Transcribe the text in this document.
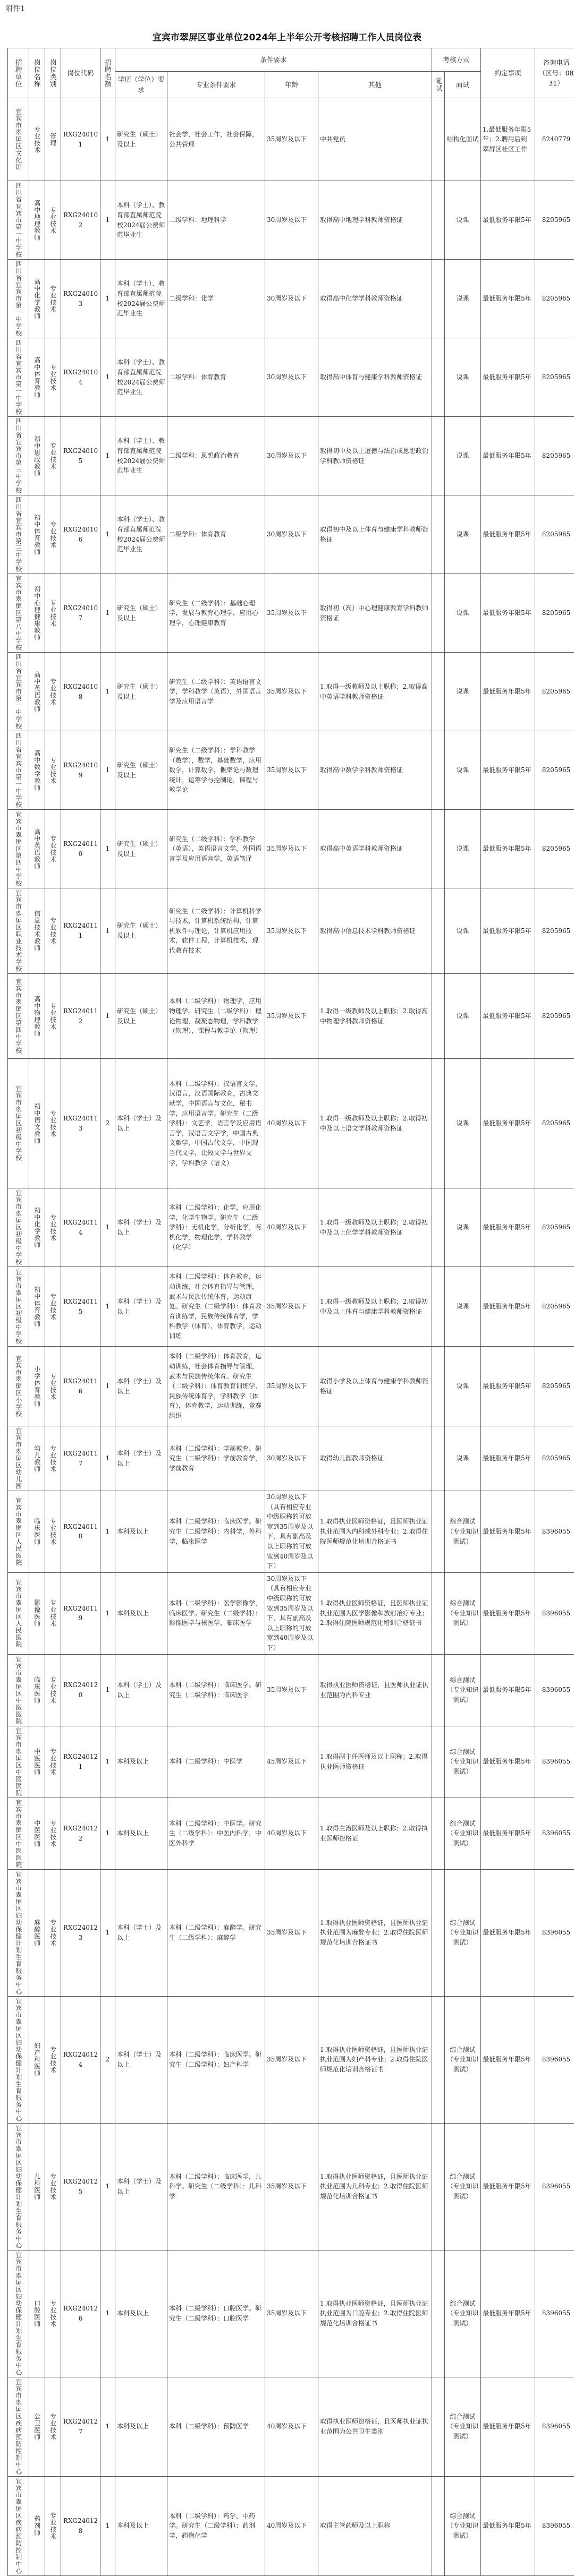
附件1
宜宾市翠屏区事业单位2024年上半年公开考核招聘工作人员岗位表
招聘单位	岗位名称	岗位类别	岗位代码	招聘名额	条件要求				考核方式		约定事项	咨询电话（区号：0831）
					学历（学位）要求	专业条件要求	年龄	其他	笔试	面试		

宜宾市翠屏区文化馆	专业技术	管理	RXG240101	1	研究生（硕士）及以上	社会学，社会工作，社会保障，公共管理	35周岁及以下	中共党员		结构化面试	1.最低服务年限5年；2.聘用后到翠屏区社区工作	8240779

四川省宜宾市第一中学校	高中地理教师	专业技术	RXG240102	1	本科（学士）、教育部直属师范院校2024届公费师范毕业生	二级学科：地理科学	30周岁及以下	取得高中地理学科教师资格证		说课	最低服务年限5年	8205965

四川省宜宾市第一中学校	高中化学教师	专业技术	RXG240103	1	本科（学士）、教育部直属师范院校2024届公费师范毕业生	二级学科：化学	30周岁及以下	取得高中化学学科教师资格证		说课	最低服务年限5年	8205965

四川省宜宾市第一中学校	高中体育教师	专业技术	RXG240104	1	本科（学士）、教育部直属师范院校2024届公费师范毕业生	二级学科：体育教育	30周岁及以下	取得高中体育与健康学科教师资格证		说课	最低服务年限5年	8205965

四川省宜宾市第三中学校	初中思政教师	专业技术	RXG240105	1	本科（学士）、教育部直属师范院校2024届公费师范毕业生	二级学科：思想政治教育	30周岁及以下	取得初中及以上道德与法治或思想政治学科教师资格证		说课	最低服务年限5年	8205965

四川省宜宾市第三中学校	初中体育教师	专业技术	RXG240106	1	本科（学士）、教育部直属师范院校2024届公费师范毕业生	二级学科：体育教育	30周岁及以下	取得初中及以上体育与健康学科教师资格证		说课	最低服务年限5年	8205965

宜宾市翠屏区第八中学校	初中心理健康教师	专业技术	RXG240107	1	研究生（硕士）及以上	研究生（二级学科）：基础心理学，发展与教育心理学，应用心理学，心理健康教育	35周岁及以下	取得初（高）中心理健康教育学科教师资格证		说课	最低服务年限5年	8205965

四川省宜宾市第一中学校	高中英语教师	专业技术	RXG240108	1	研究生（硕士）及以上	研究生（二级学科）：英语语言文学，学科教学（英语），外国语言学及应用语言学	35周岁及以下	1.取得一级教师及以上职称；2.取得高中英语学科教师资格证		说课	最低服务年限5年	8205965

四川省宜宾市第一中学校	高中数学教师	专业技术	RXG240109	1	研究生（硕士）及以上	研究生（二级学科）：学科教学（数学），数学，基础数学，应用数学，计算数学，概率论与数理统计，运筹学与控制论，课程与教学论	35周岁及以下	取得高中数学学科教师资格证		说课	最低服务年限5年	8205965

宜宾市翠屏区第四中学校	高中英语教师	专业技术	RXG240110	1	研究生（硕士）及以上	研究生（二级学科）：学科教学（英语），英语语言文学，外国语言学及应用语言学，英语笔译	35周岁及以下	取得高中英语学科教师资格证		说课	最低服务年限5年	8205965

宜宾市翠屏区职业技术学校	信息技术教师	专业技术	RXG240111	1	研究生（硕士）及以上	研究生（二级学科）：计算机科学与技术，计算机系统结构，计算机软件与理论，计算机应用技术，软件工程，计算机技术，现代教育技术	35周岁及以下	取得高中信息技术学科教师资格证		说课	最低服务年限5年	8205965

宜宾市翠屏区第四中学校	高中物理教师	专业技术	RXG240112	1	研究生（硕士）及以上	本科（二级学科）：物理学，应用物理学。研究生（二级学科）：理论物理，凝聚态物理，学科教学（物理），课程与教学论（物理）	35周岁及以下	1.取得一级教师及以上职称；2.取得高中物理学科教师资格证		说课	最低服务年限5年	8205965

宜宾市翠屏区初级中学校	初中语文教师	专业技术	RXG240113	2	本科（学士）及以上	本科（二级学科）：汉语言文学，汉语言，汉语国际教育，古典文献学，中国语言与文化，秘书学，应用语言学。研究生（二级学科）：文艺学，语言学及应用语言学，汉语言文字学，中国古典文献学，中国古代文学，中国现当代文学，比较文学与世界文学，学科教学（语文）	40周岁及以下	1.取得一级教师及以上职称；2.取得初中及以上语文学科教师资格证		说课	最低服务年限5年	8205965

宜宾市翠屏区初级中学校	初中化学教师	专业技术	RXG240114	1	本科（学士）及以上	本科（二级学科）：化学，应用化学，化学生物学。研究生（二级学科）：无机化学，分析化学，有机化学，物理化学，学科教学（化学）	40周岁及以下	1.取得一级教师及以上职称；2.取得初中及以上化学学科教师资格证		说课	最低服务年限5年	8205965

宜宾市翠屏区初级中学校	初中体育教师	专业技术	RXG240115	1	本科（学士）及以上	本科（二级学科）：体育教育，运动训练，社会体育指导与管理，武术与民族传统体育，运动康复。研究生（二级学科）：体育教育训练学，民族传统体育学，学科教学（体育），体育教学，运动训练	35周岁及以下	1.取得一级教师及以上职称；2.取得初中及以上体育与健康学科教师资格证		说课	最低服务年限5年	8205965

宜宾市翠屏区小学校	小学体育教师	专业技术	RXG240116	1	本科（学士）及以上	本科（二级学科）：体育教育，运动训练，社会体育指导与管理，武术与民族传统体育。研究生（二级学科）：体育教育训练学，民族传统体育学，学科教学（体育），体育教学，运动训练，竞赛组织	35周岁及以下	取得小学及以上体育与健康学科教师资格证		说课	最低服务年限5年	8205965

宜宾市翠屏区幼儿园	幼儿教师	专业技术	RXG240117	1	本科（学士）及以上	本科（二级学科）：学前教育。研究生（二级学科）：学前教育学，学前教育	30周岁及以下	取得幼儿园教师资格证		说课	最低服务年限5年	8205965

宜宾市翠屏区人民医院	临床医师	专业技术	RXG240118	1	本科及以上	本科（二级学科）：临床医学。研究生（二级学科）：内科学，外科学，临床医学	30周岁及以下（具有相应专业中级职称的可放宽到35周岁及以下，具有副高及以上职称的可放宽到40周岁及以下）	1.取得执业医师资格证，且医师执业证执业范围为内科或外科专业；2.取得住院医师规范化培训合格证书		综合测试（专业知识测试）	最低服务年限5年	8396055

宜宾市翠屏区人民医院	影像医师	专业技术	RXG240119	1	本科及以上	本科（二级学科）：医学影像学，临床医学。研究生（二级学科）：影像医学与核医学，临床医学	30周岁及以下（具有相应专业中级职称的可放宽到35周岁及以下，具有副高及以上职称的可放宽到40周岁及以下）	1.取得执业医师资格证，且医师执业证执业范围为医学影像和放射治疗专业；2.取得住院医师规范化培训合格证书		综合测试（专业知识测试）	最低服务年限5年	8396055

宜宾市翠屏区中医医院	临床医师	专业技术	RXG240120	1	本科（学士）及以上	本科（二级学科）：临床医学。研究生（二级学科）：临床医学	35周岁及以下	取得执业医师资格证，且医师执业证执业范围为内科专业		综合测试（专业知识测试）	最低服务年限5年	8396055

宜宾市翠屏区中医医院	中医医师	专业技术	RXG240121	1	本科及以上	本科（二级学科）：中医学	45周岁及以下	1.取得副主任医师及以上职称；2.取得执业医师资格证		综合测试（专业知识测试）	最低服务年限5年	8396055

宜宾市翠屏区中医医院	中医医师	专业技术	RXG240122	1	本科及以上	本科（二级学科）：中医学。研究生（二级学科）：中医内科学，中医外科学	40周岁及以下	1.取得主治医师及以上职称；2.取得执业医师资格证		综合测试（专业知识测试）	最低服务年限5年	8396055

宜宾市翠屏区妇幼保健计划生育服务中心	麻醉医师	专业技术	RXG240123	1	本科（学士）及以上	本科（二级学科）：麻醉学。研究生（二级学科）：麻醉学	35周岁及以下	1.取得执业医师资格证，且医师执业证执业范围为麻醉专业；2.取得住院医师规范化培训合格证书		综合测试（专业知识测试）	最低服务年限5年	8396055

宜宾市翠屏区妇幼保健计划生育服务中心	妇产科医师	专业技术	RXG240124	2	本科（学士）及以上	本科（二级学科）：临床医学。研究生（二级学科）：妇产科学	35周岁及以下	1.取得执业医师资格证，且医师执业证执业范围为妇产科专业；2.取得住院医师规范化培训合格证书		综合测试（专业知识测试）	最低服务年限5年	8396055

宜宾市翠屏区妇幼保健计划生育服务中心	儿科医师	专业技术	RXG240125	1	本科（学士）及以上	本科（二级学科）：临床医学，儿科学。研究生（二级学科）：儿科学	35周岁及以下	1.取得执业医师资格证，且医师执业证执业范围为儿科专业；2.取得住院医师规范化培训合格证书		综合测试（专业知识测试）	最低服务年限5年	8396055

宜宾市翠屏区妇幼保健计划生育服务中心	口腔医师	专业技术	RXG240126	1	本科及以上	本科（二级学科）：口腔医学。研究生（二级学科）：口腔医学	35周岁及以下	1.取得执业医师资格证，且医师执业证执业范围为口腔专业；2.取得住院医师规范化培训合格证书		综合测试（专业知识测试）	最低服务年限5年	8396055

宜宾市翠屏区疾病预防控制中心	公卫医师	专业技术	RXG240127	1	本科及以上	本科（二级学科）：预防医学	40周岁及以下	取得执业医师资格证，且医师执业证执业范围为公共卫生类别		综合测试（专业知识测试）	最低服务年限5年	8396055

宜宾市翠屏区疾病预防控制中心	药剂师	专业技术	RXG240128	1	本科及以上	本科（二级学科）：药学，中药学。研究生（二级学科）：药剂学，药物化学	40周岁及以下	取得主管药师及以上职称		综合测试（专业知识测试）	最低服务年限5年	8396055
